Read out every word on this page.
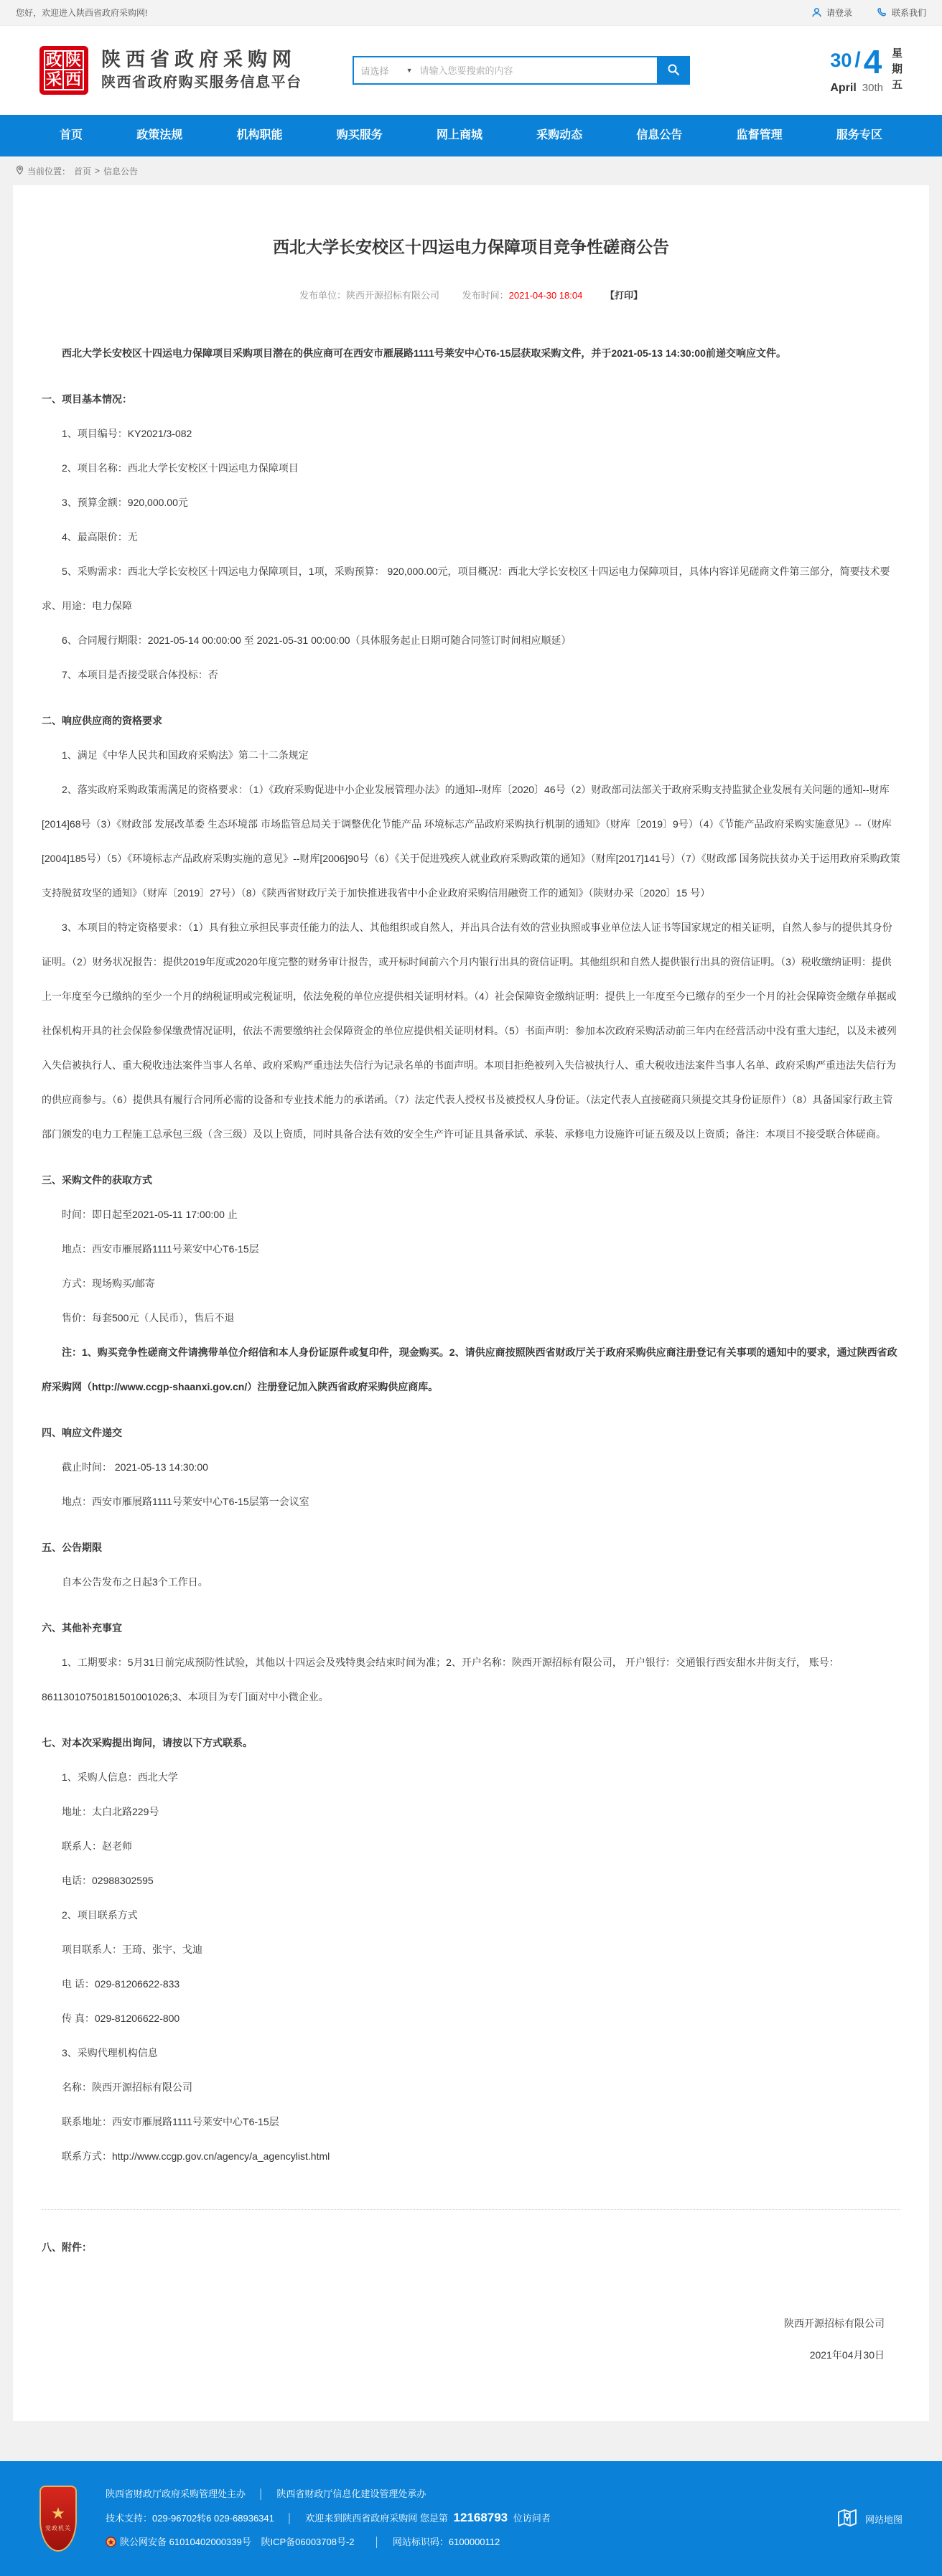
您好，欢迎进入陕西省政府采购网!	请登录	联系我们
政 陕
采 西
陕西省政府采购网
陕西省政府购买服务信息平台
请选择	▼
请输入您要搜索的内容	30 / 4
April 30th
星
期
五
首页	政策法规	机构职能	购买服务	网上商城	采购动态	信息公告	监督管理	服务专区
当前位置： 首页 > 信息公告
西北大学长安校区十四运电力保障项目竞争性磋商公告
发布单位：陕西开源招标有限公司 发布时间：2021-04-30 18:04 【打印】

西北大学长安校区十四运电力保障项目采购项目潜在的供应商可在西安市雁展路1111号莱安中心T6-15层获取采购文件，并于2021-05-13 14:30:00前递交响应文件。

一、项目基本情况：

1、项目编号：KY2021/3-082

2、项目名称：西北大学长安校区十四运电力保障项目

3、预算金额：920,000.00元

4、最高限价：无

5、采购需求：西北大学长安校区十四运电力保障项目，1项，采购预算： 920,000.00元，项目概况：西北大学长安校区十四运电力保障项目，具体内容详见磋商文件第三部分，简要技术要求、用途：电力保障

6、合同履行期限：2021-05-14 00:00:00 至 2021-05-31 00:00:00（具体服务起止日期可随合同签订时间相应顺延）

7、本项目是否接受联合体投标：否

二、响应供应商的资格要求

1、满足《中华人民共和国政府采购法》第二十二条规定

2、落实政府采购政策需满足的资格要求：（1）《政府采购促进中小企业发展管理办法》的通知--财库〔2020〕46号（2）财政部司法部关于政府采购支持监狱企业发展有关问题的通知--财库[2014]68号（3）《财政部 发展改革委 生态环境部 市场监管总局关于调整优化节能产品 环境标志产品政府采购执行机制的通知》（财库〔2019〕9号）（4）《节能产品政府采购实施意见》--（财库[2004]185号）（5）《环境标志产品政府采购实施的意见》--财库[2006]90号（6）《关于促进残疾人就业政府采购政策的通知》（财库[2017]141号）（7）《财政部 国务院扶贫办关于运用政府采购政策支持脱贫攻坚的通知》（财库〔2019〕27号）（8）《陕西省财政厅关于加快推进我省中小企业政府采购信用融资工作的通知》（陕财办采〔2020〕15 号）

3、本项目的特定资格要求：（1）具有独立承担民事责任能力的法人、其他组织或自然人，并出具合法有效的营业执照或事业单位法人证书等国家规定的相关证明，自然人参与的提供其身份证明。（2）财务状况报告：提供2019年度或2020年度完整的财务审计报告，或开标时间前六个月内银行出具的资信证明。其他组织和自然人提供银行出具的资信证明。（3）税收缴纳证明：提供上一年度至今已缴纳的至少一个月的纳税证明或完税证明，依法免税的单位应提供相关证明材料。（4）社会保障资金缴纳证明：提供上一年度至今已缴存的至少一个月的社会保障资金缴存单据或社保机构开具的社会保险参保缴费情况证明，依法不需要缴纳社会保障资金的单位应提供相关证明材料。（5）书面声明：参加本次政府采购活动前三年内在经营活动中没有重大违纪，以及未被列入失信被执行人、重大税收违法案件当事人名单、政府采购严重违法失信行为记录名单的书面声明。本项目拒绝被列入失信被执行人、重大税收违法案件当事人名单、政府采购严重违法失信行为的供应商参与。（6）提供具有履行合同所必需的设备和专业技术能力的承诺函。（7）法定代表人授权书及被授权人身份证。（法定代表人直接磋商只须提交其身份证原件）（8）具备国家行政主管部门颁发的电力工程施工总承包三级（含三级）及以上资质，同时具备合法有效的安全生产许可证且具备承试、承装、承修电力设施许可证五级及以上资质；备注：本项目不接受联合体磋商。

三、采购文件的获取方式

时间：即日起至2021-05-11 17:00:00 止

地点：西安市雁展路1111号莱安中心T6-15层

方式：现场购买/邮寄

售价：每套500元（人民币），售后不退

注：1、购买竞争性磋商文件请携带单位介绍信和本人身份证原件或复印件，现金购买。2、请供应商按照陕西省财政厅关于政府采购供应商注册登记有关事项的通知中的要求，通过陕西省政府采购网（http://www.ccgp-shaanxi.gov.cn/）注册登记加入陕西省政府采购供应商库。

四、响应文件递交

截止时间： 2021-05-13 14:30:00

地点：西安市雁展路1111号莱安中心T6-15层第一会议室

五、公告期限

自本公告发布之日起3个工作日。

六、其他补充事宜

1、工期要求：5月31日前完成预防性试验，其他以十四运会及残特奥会结束时间为准；2、开户名称：陕西开源招标有限公司， 开户银行：交通银行西安甜水井街支行， 账号：86113010750181501001026;3、本项目为专门面对中小微企业。

七、对本次采购提出询问，请按以下方式联系。

1、采购人信息：西北大学

地址：太白北路229号

联系人：赵老师

电话：02988302595

2、项目联系方式

项目联系人：王琦、张宇、戈迪

电 话：029-81206622-833

传 真：029-81206622-800

3、采购代理机构信息

名称：陕西开源招标有限公司

联系地址：西安市雁展路1111号莱安中心T6-15层

联系方式：http://www.ccgp.gov.cn/agency/a_agencylist.html

八、附件：

陕西开源招标有限公司

2021年04月30日

★
党政机关
陕西省财政厅政府采购管理处主办 │ 陕西省财政厅信息化建设管理处承办
技术支持：029-96702转6 029-68936341 │ 欢迎来到陕西省政府采购网 您是第 12168793 位访问者
陕公网安备 61010402000339号 陕ICP备06003708号-2 │ 网站标识码：6100000112
网站地图
